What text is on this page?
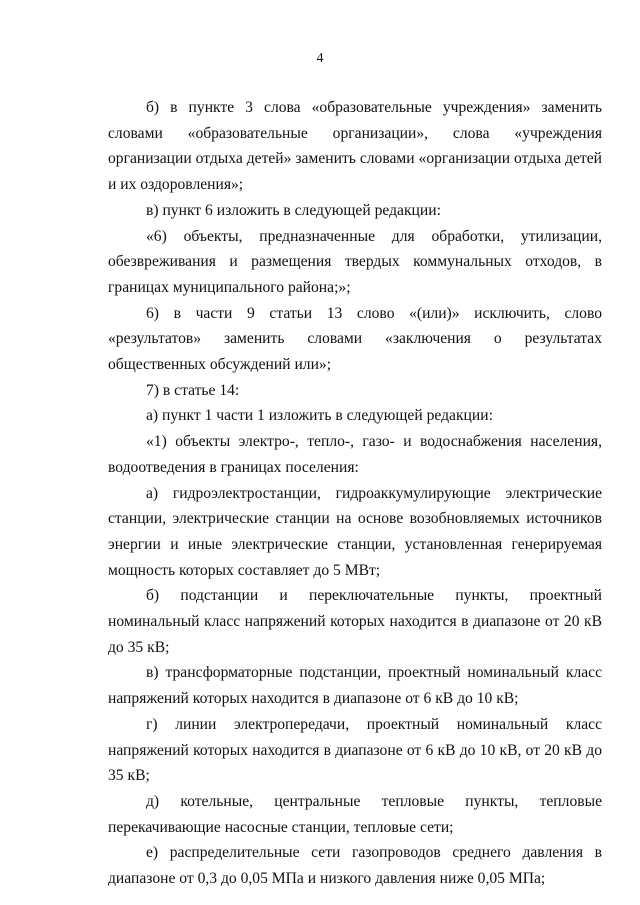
4

б) в пункте 3 слова «образовательные учреждения» заменить словами «образовательные организации», слова «учреждения организации отдыха детей» заменить словами «организации отдыха детей и их оздоровления»;

в) пункт 6 изложить в следующей редакции:

«6) объекты, предназначенные для обработки, утилизации, обезвреживания и размещения твердых коммунальных отходов, в границах муниципального района;»;

6) в части 9 статьи 13 слово «(или)» исключить, слово «результатов» заменить словами «заключения о результатах общественных обсуждений или»;

7) в статье 14:

а) пункт 1 части 1 изложить в следующей редакции:

«1) объекты электро-, тепло-, газо- и водоснабжения населения, водоотведения в границах поселения:

а) гидроэлектростанции, гидроаккумулирующие электрические станции, электрические станции на основе возобновляемых источников энергии и иные электрические станции, установленная генерируемая мощность которых составляет до 5 МВт;

б) подстанции и переключательные пункты, проектный номинальный класс напряжений которых находится в диапазоне от 20 кВ до 35 кВ;

в) трансформаторные подстанции, проектный номинальный класс напряжений которых находится в диапазоне от 6 кВ до 10 кВ;

г) линии электропередачи, проектный номинальный класс напряжений которых находится в диапазоне от 6 кВ до 10 кВ, от 20 кВ до 35 кВ;

д) котельные, центральные тепловые пункты, тепловые перекачивающие насосные станции, тепловые сети;

е) распределительные сети газопроводов среднего давления в диапазоне от 0,3 до 0,05 МПа и низкого давления ниже 0,05 МПа;
